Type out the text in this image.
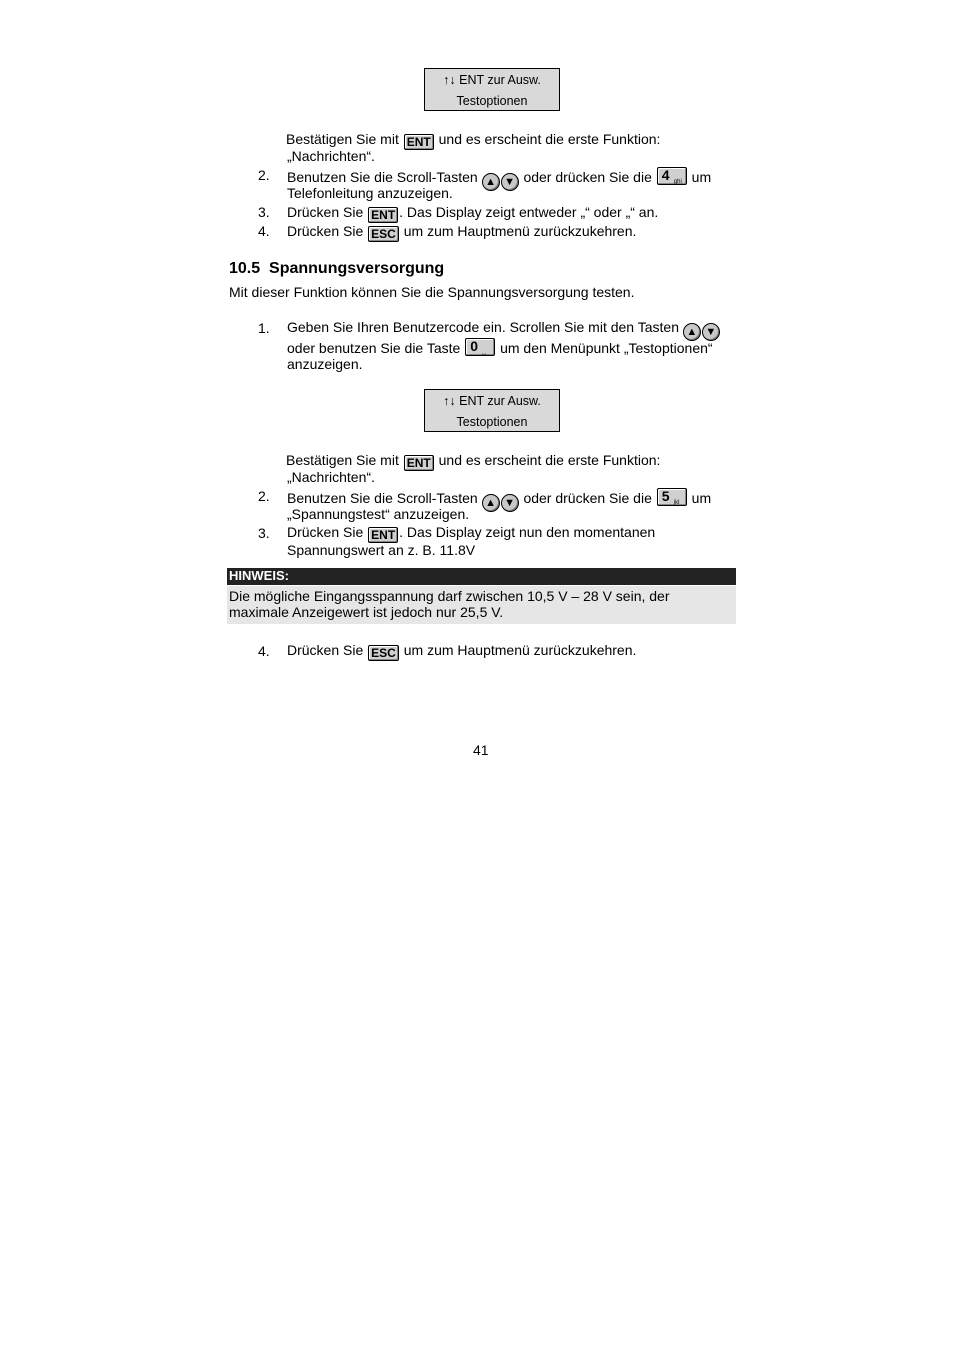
↑↓ ENT zur Ausw.
Testoptionen
Bestätigen Sie mit ENT und es erscheint die erste Funktion:
„Nachrichten“.
2. Benutzen Sie die Scroll-Tasten ▲ ▼ oder drücken Sie die 4 ghi um
Telefonleitung anzuzeigen.
3. Drücken Sie ENT . Das Display zeigt entweder „“ oder „“ an.
4. Drücken Sie ESC um zum Hauptmenü zurückzukehren.
10.5 Spannungsversorgung
Mit dieser Funktion können Sie die Spannungsversorgung testen.
1. Geben Sie Ihren Benutzercode ein. Scrollen Sie mit den Tasten ▲ ▼
oder benutzen Sie die Taste 0 ␣ um den Menüpunkt „Testoptionen“
anzuzeigen.
↑↓ ENT zur Ausw.
Testoptionen
Bestätigen Sie mit ENT und es erscheint die erste Funktion:
„Nachrichten“.
2. Benutzen Sie die Scroll-Tasten ▲ ▼ oder drücken Sie die 5 jkl um
„Spannungstest“ anzuzeigen.
3. Drücken Sie ENT . Das Display zeigt nun den momentanen
Spannungswert an z. B. 11.8V
HINWEIS:
Die mögliche Eingangsspannung darf zwischen 10,5 V – 28 V sein, der
maximale Anzeigewert ist jedoch nur 25,5 V.
4. Drücken Sie ESC um zum Hauptmenü zurückzukehren.
41
